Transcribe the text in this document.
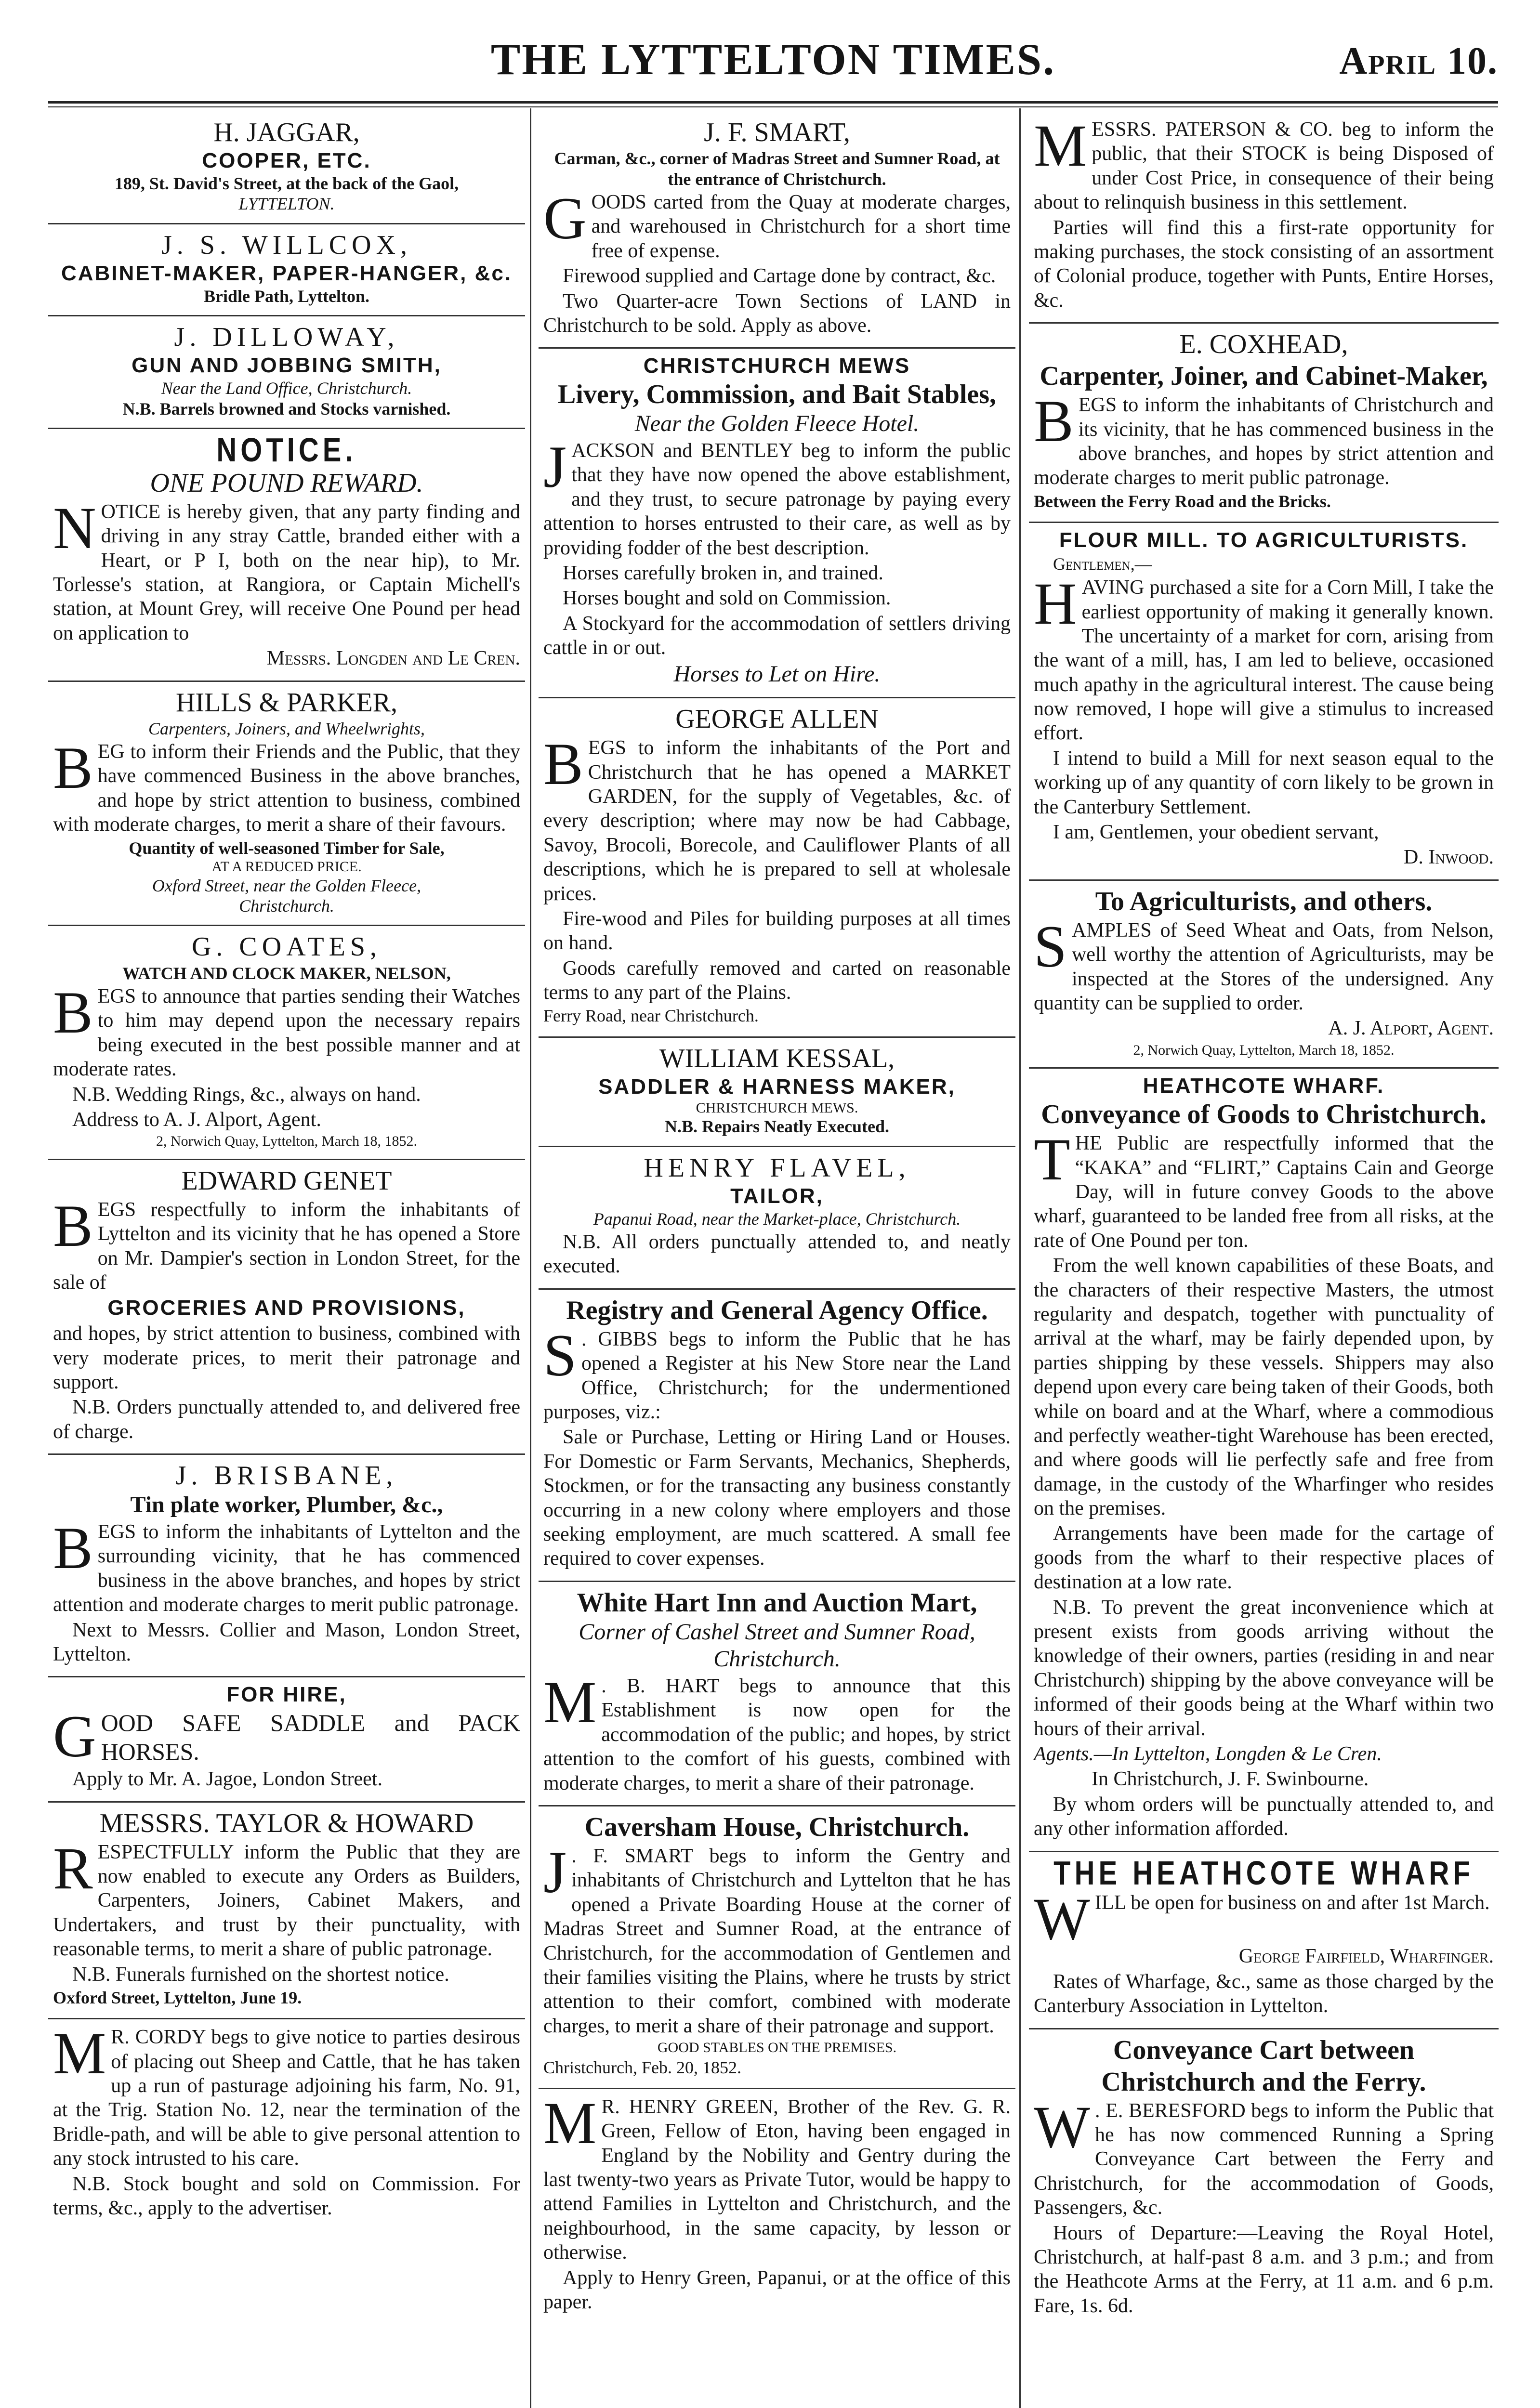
THE LYTTELTON TIMES.	April 10.
H. JAGGAR,
COOPER, ETC.
189, St. David's Street, at the back of the Gaol,
LYTTELTON.
J. S. WILLCOX,
CABINET-MAKER, PAPER-HANGER, &c.
Bridle Path, Lyttelton.
J. DILLOWAY,
GUN AND JOBBING SMITH,
Near the Land Office, Christchurch.
N.B. Barrels browned and Stocks varnished.
NOTICE.
ONE POUND REWARD.
NOTICE is hereby given, that any party finding and driving in any stray Cattle, branded either with a Heart, or P I, both on the near hip), to Mr. Torlesse's station, at Rangiora, or Captain Michell's station, at Mount Grey, will receive One Pound per head on application to
Messrs. Longden and Le Cren.
HILLS & PARKER,
Carpenters, Joiners, and Wheelwrights,
BEG to inform their Friends and the Public, that they have commenced Business in the above branches, and hope by strict attention to business, combined with moderate charges, to merit a share of their favours.
Quantity of well-seasoned Timber for Sale,
AT A REDUCED PRICE.
Oxford Street, near the Golden Fleece,
Christchurch.
G. COATES,
WATCH AND CLOCK MAKER, NELSON,
BEGS to announce that parties sending their Watches to him may depend upon the necessary repairs being executed in the best possible manner and at moderate rates.
N.B. Wedding Rings, &c., always on hand.
Address to A. J. Alport, Agent.
2, Norwich Quay, Lyttelton, March 18, 1852.
EDWARD GENET
BEGS respectfully to inform the inhabitants of Lyttelton and its vicinity that he has opened a Store on Mr. Dampier's section in London Street, for the sale of
GROCERIES AND PROVISIONS,
and hopes, by strict attention to business, combined with very moderate prices, to merit their patronage and support.
N.B. Orders punctually attended to, and delivered free of charge.
J. BRISBANE,
Tin plate worker, Plumber, &c.,
BEGS to inform the inhabitants of Lyttelton and the surrounding vicinity, that he has commenced business in the above branches, and hopes by strict attention and moderate charges to merit public patronage.
Next to Messrs. Collier and Mason, London Street, Lyttelton.
FOR HIRE,
GOOD SAFE SADDLE and PACK HORSES.
Apply to Mr. A. Jagoe, London Street.
MESSRS. TAYLOR & HOWARD
RESPECTFULLY inform the Public that they are now enabled to execute any Orders as Builders, Carpenters, Joiners, Cabinet Makers, and Undertakers, and trust by their punctuality, with reasonable terms, to merit a share of public patronage.
N.B. Funerals furnished on the shortest notice.
Oxford Street, Lyttelton, June 19.
M R. CORDY begs to give notice to parties desirous of placing out Sheep and Cattle, that he has taken up a run of pasturage adjoining his farm, No. 91, at the Trig. Station No. 12, near the termination of the Bridle-path, and will be able to give personal attention to any stock intrusted to his care.
N.B. Stock bought and sold on Commission. For terms, &c., apply to the advertiser.
J. F. SMART,
Carman, &c., corner of Madras Street and Sumner Road, at the entrance of Christchurch.
GOODS carted from the Quay at moderate charges, and warehoused in Christchurch for a short time free of expense.
Firewood supplied and Cartage done by contract, &c.
Two Quarter-acre Town Sections of LAND in Christchurch to be sold. Apply as above.
CHRISTCHURCH MEWS
Livery, Commission, and Bait Stables,
Near the Golden Fleece Hotel.
JACKSON and BENTLEY beg to inform the public that they have now opened the above establishment, and they trust, to secure patronage by paying every attention to horses entrusted to their care, as well as by providing fodder of the best description.
Horses carefully broken in, and trained.
Horses bought and sold on Commission.
A Stockyard for the accommodation of settlers driving cattle in or out.
Horses to Let on Hire.
GEORGE ALLEN
BEGS to inform the inhabitants of the Port and Christchurch that he has opened a MARKET GARDEN, for the supply of Vegetables, &c. of every description; where may now be had Cabbage, Savoy, Brocoli, Borecole, and Cauliflower Plants of all descriptions, which he is prepared to sell at wholesale prices.
Fire-wood and Piles for building purposes at all times on hand.
Goods carefully removed and carted on reasonable terms to any part of the Plains.
Ferry Road, near Christchurch.
WILLIAM KESSAL,
SADDLER & HARNESS MAKER,
CHRISTCHURCH MEWS.
N.B. Repairs Neatly Executed.
HENRY FLAVEL,
TAILOR,
Papanui Road, near the Market-place, Christchurch.
N.B. All orders punctually attended to, and neatly executed.
Registry and General Agency Office.
S . GIBBS begs to inform the Public that he has opened a Register at his New Store near the Land Office, Christchurch; for the undermentioned purposes, viz.:
Sale or Purchase, Letting or Hiring Land or Houses. For Domestic or Farm Servants, Mechanics, Shepherds, Stockmen, or for the transacting any business constantly occurring in a new colony where employers and those seeking employment, are much scattered. A small fee required to cover expenses.
White Hart Inn and Auction Mart,
Corner of Cashel Street and Sumner Road, Christchurch.
M . B. HART begs to announce that this Establishment is now open for the accommodation of the public; and hopes, by strict attention to the comfort of his guests, combined with moderate charges, to merit a share of their patronage.
Caversham House, Christchurch.
J . F. SMART begs to inform the Gentry and inhabitants of Christchurch and Lyttelton that he has opened a Private Boarding House at the corner of Madras Street and Sumner Road, at the entrance of Christchurch, for the accommodation of Gentlemen and their families visiting the Plains, where he trusts by strict attention to their comfort, combined with moderate charges, to merit a share of their patronage and support.
GOOD STABLES ON THE PREMISES.
Christchurch, Feb. 20, 1852.
M R. HENRY GREEN, Brother of the Rev. G. R. Green, Fellow of Eton, having been engaged in England by the Nobility and Gentry during the last twenty-two years as Private Tutor, would be happy to attend Families in Lyttelton and Christchurch, and the neighbourhood, in the same capacity, by lesson or otherwise.
Apply to Henry Green, Papanui, or at the office of this paper.
MESSRS. PATERSON & CO. beg to inform the public, that their STOCK is being Disposed of under Cost Price, in consequence of their being about to relinquish business in this settlement.
Parties will find this a first-rate opportunity for making purchases, the stock consisting of an assortment of Colonial produce, together with Punts, Entire Horses, &c.
E. COXHEAD,
Carpenter, Joiner, and Cabinet-Maker,
BEGS to inform the inhabitants of Christchurch and its vicinity, that he has commenced business in the above branches, and hopes by strict attention and moderate charges to merit public patronage.
Between the Ferry Road and the Bricks.
FLOUR MILL. TO AGRICULTURISTS.
Gentlemen,—
HAVING purchased a site for a Corn Mill, I take the earliest opportunity of making it generally known. The uncertainty of a market for corn, arising from the want of a mill, has, I am led to believe, occasioned much apathy in the agricultural interest. The cause being now removed, I hope will give a stimulus to increased effort.
I intend to build a Mill for next season equal to the working up of any quantity of corn likely to be grown in the Canterbury Settlement.
I am, Gentlemen, your obedient servant,
D. Inwood.
To Agriculturists, and others.
SAMPLES of Seed Wheat and Oats, from Nelson, well worthy the attention of Agriculturists, may be inspected at the Stores of the undersigned. Any quantity can be supplied to order.
A. J. Alport, Agent.
2, Norwich Quay, Lyttelton, March 18, 1852.
HEATHCOTE WHARF.
Conveyance of Goods to Christchurch.
THE Public are respectfully informed that the “KAKA” and “FLIRT,” Captains Cain and George Day, will in future convey Goods to the above wharf, guaranteed to be landed free from all risks, at the rate of One Pound per ton.
From the well known capabilities of these Boats, and the characters of their respective Masters, the utmost regularity and despatch, together with punctuality of arrival at the wharf, may be fairly depended upon, by parties shipping by these vessels. Shippers may also depend upon every care being taken of their Goods, both while on board and at the Wharf, where a commodious and perfectly weather-tight Warehouse has been erected, and where goods will lie perfectly safe and free from damage, in the custody of the Wharfinger who resides on the premises.
Arrangements have been made for the cartage of goods from the wharf to their respective places of destination at a low rate.
N.B. To prevent the great inconvenience which at present exists from goods arriving without the knowledge of their owners, parties (residing in and near Christchurch) shipping by the above conveyance will be informed of their goods being at the Wharf within two hours of their arrival.
Agents.—In Lyttelton, Longden & Le Cren.
In Christchurch, J. F. Swinbourne.
By whom orders will be punctually attended to, and any other information afforded.
THE HEATHCOTE WHARF
WILL be open for business on and after 1st March.
George Fairfield, Wharfinger.
Rates of Wharfage, &c., same as those charged by the Canterbury Association in Lyttelton.
Conveyance Cart between Christchurch and the Ferry.
W . E. BERESFORD begs to inform the Public that he has now commenced Running a Spring Conveyance Cart between the Ferry and Christchurch, for the accommodation of Goods, Passengers, &c.
Hours of Departure:—Leaving the Royal Hotel, Christchurch, at half-past 8 a.m. and 3 p.m.; and from the Heathcote Arms at the Ferry, at 11 a.m. and 6 p.m. Fare, 1s. 6d.
